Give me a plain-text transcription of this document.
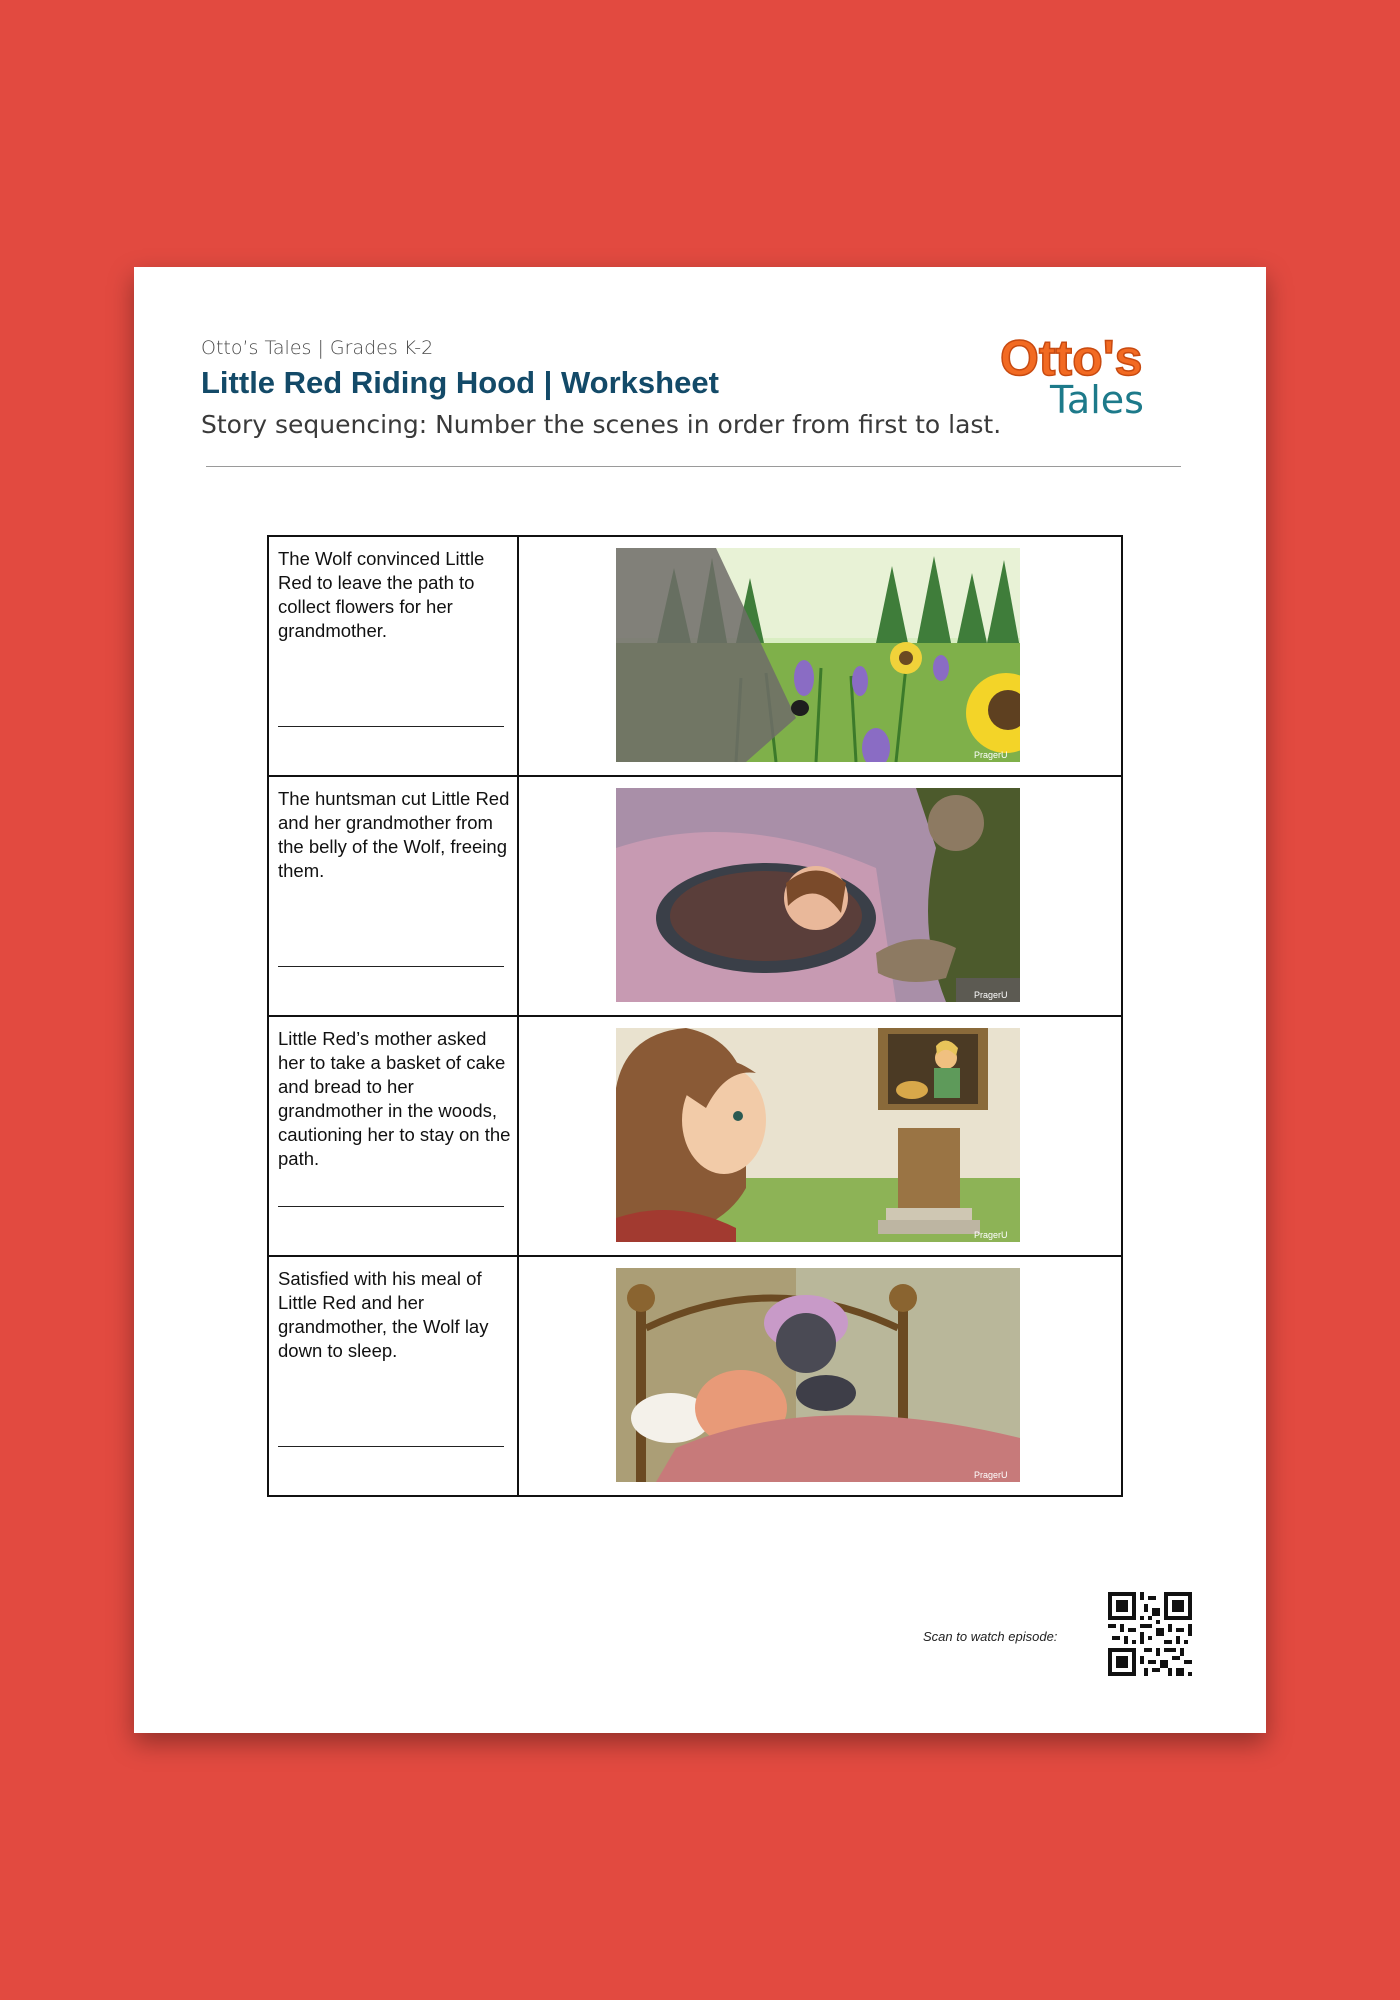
Otto’s Tales | Grades K-2
Little Red Riding Hood | Worksheet
Story sequencing: Number the scenes in order from first to last.
Otto's
Tales
The Wolf convinced Little Red to leave the path to collect flowers for her grandmother.	PragerU

The huntsman cut Little Red and her grandmother from the belly of the Wolf, freeing them.	PragerU

Little Red’s mother asked her to take a basket of cake and bread to her grandmother in the woods, cautioning her to stay on the path.	PragerU

Satisfied with his meal of Little Red and her grandmother, the Wolf lay down to sleep.	PragerU
Scan to watch episode:
